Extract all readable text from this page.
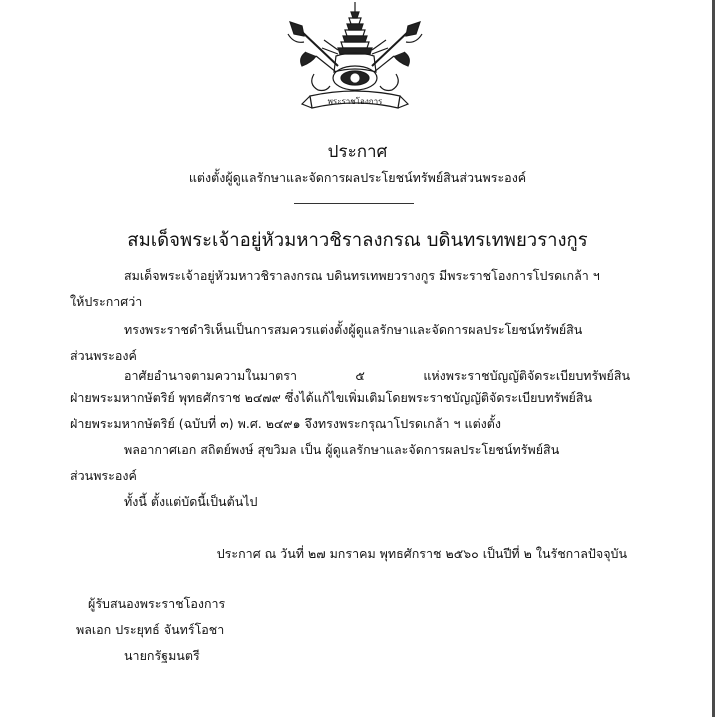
พระราชโองการ

ประกาศ

แต่งตั้งผู้ดูแลรักษาและจัดการผลประโยชน์ทรัพย์สินส่วนพระองค์

สมเด็จพระเจ้าอยู่หัวมหาวชิราลงกรณ บดินทรเทพยวรางกูร

สมเด็จพระเจ้าอยู่หัวมหาวชิราลงกรณ บดินทรเทพยวรางกูร มีพระราชโองการโปรดเกล้า ฯ

ให้ประกาศว่า

ทรงพระราชดำริเห็นเป็นการสมควรแต่งตั้งผู้ดูแลรักษาและจัดการผลประโยชน์ทรัพย์สิน

ส่วนพระองค์

อาศัยอำนาจตามความในมาตรา	๕	แห่งพระราชบัญญัติจัดระเบียบทรัพย์สิน

ฝ่ายพระมหากษัตริย์ พุทธศักราช ๒๔๗๙ ซึ่งได้แก้ไขเพิ่มเติมโดยพระราชบัญญัติจัดระเบียบทรัพย์สิน

ฝ่ายพระมหากษัตริย์ (ฉบับที่ ๓) พ.ศ. ๒๔๙๑ จึงทรงพระกรุณาโปรดเกล้า ฯ แต่งตั้ง

พลอากาศเอก สถิตย์พงษ์ สุขวิมล เป็น ผู้ดูแลรักษาและจัดการผลประโยชน์ทรัพย์สิน

ส่วนพระองค์

ทั้งนี้ ตั้งแต่บัดนี้เป็นต้นไป

ประกาศ ณ วันที่ ๒๗ มกราคม พุทธศักราช ๒๕๖๐ เป็นปีที่ ๒ ในรัชกาลปัจจุบัน

ผู้รับสนองพระราชโองการ

พลเอก ประยุทธ์ จันทร์โอชา

นายกรัฐมนตรี
